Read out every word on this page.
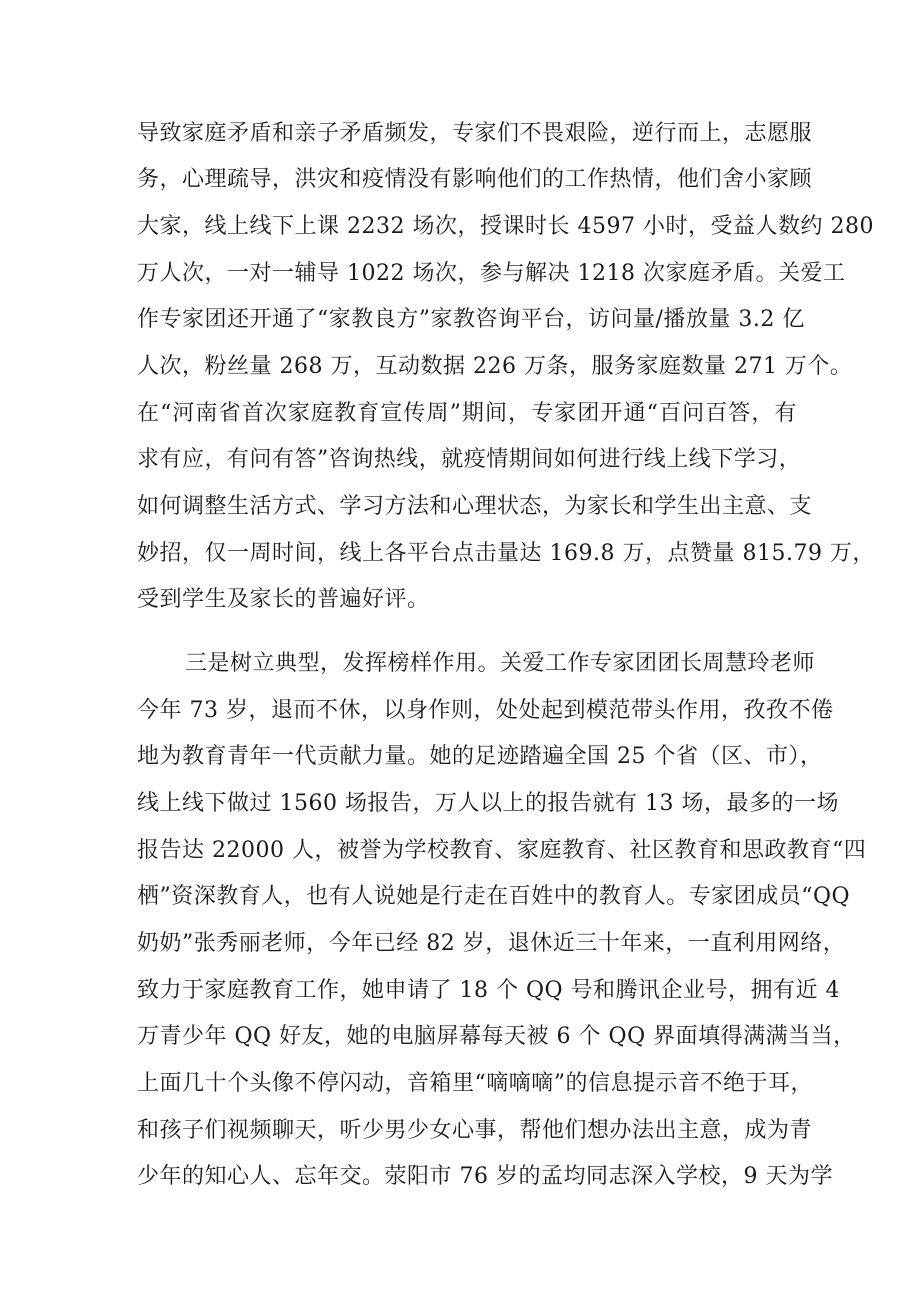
导致家庭矛盾和亲子矛盾频发，专家们不畏艰险，逆行而上，志愿服
务，心理疏导，洪灾和疫情没有影响他们的工作热情，他们舍小家顾
大家，线上线下上课 2232 场次，授课时长 4597 小时，受益人数约 280
万人次，一对一辅导 1022 场次，参与解决 1218 次家庭矛盾。关爱工
作专家团还开通了“家教良方”家教咨询平台，访问量/播放量 3.2 亿
人次，粉丝量 268 万，互动数据 226 万条，服务家庭数量 271 万个。
在“河南省首次家庭教育宣传周”期间，专家团开通“百问百答，有
求有应，有问有答”咨询热线，就疫情期间如何进行线上线下学习，
如何调整生活方式、学习方法和心理状态，为家长和学生出主意、支
妙招，仅一周时间，线上各平台点击量达 169.8 万，点赞量 815.79 万，
受到学生及家长的普遍好评。
三是树立典型，发挥榜样作用。关爱工作专家团团长周慧玲老师
今年 73 岁，退而不休，以身作则，处处起到模范带头作用，孜孜不倦
地为教育青年一代贡献力量。她的足迹踏遍全国 25 个省（区、市），
线上线下做过 1560 场报告，万人以上的报告就有 13 场，最多的一场
报告达 22000 人，被誉为学校教育、家庭教育、社区教育和思政教育“四
栖”资深教育人，也有人说她是行走在百姓中的教育人。专家团成员“QQ
奶奶”张秀丽老师，今年已经 82 岁，退休近三十年来，一直利用网络，
致力于家庭教育工作，她申请了 18 个 QQ 号和腾讯企业号，拥有近 4
万青少年 QQ 好友，她的电脑屏幕每天被 6 个 QQ 界面填得满满当当，
上面几十个头像不停闪动，音箱里“嘀嘀嘀”的信息提示音不绝于耳，
和孩子们视频聊天，听少男少女心事，帮他们想办法出主意，成为青
少年的知心人、忘年交。荥阳市 76 岁的孟均同志深入学校，9 天为学
